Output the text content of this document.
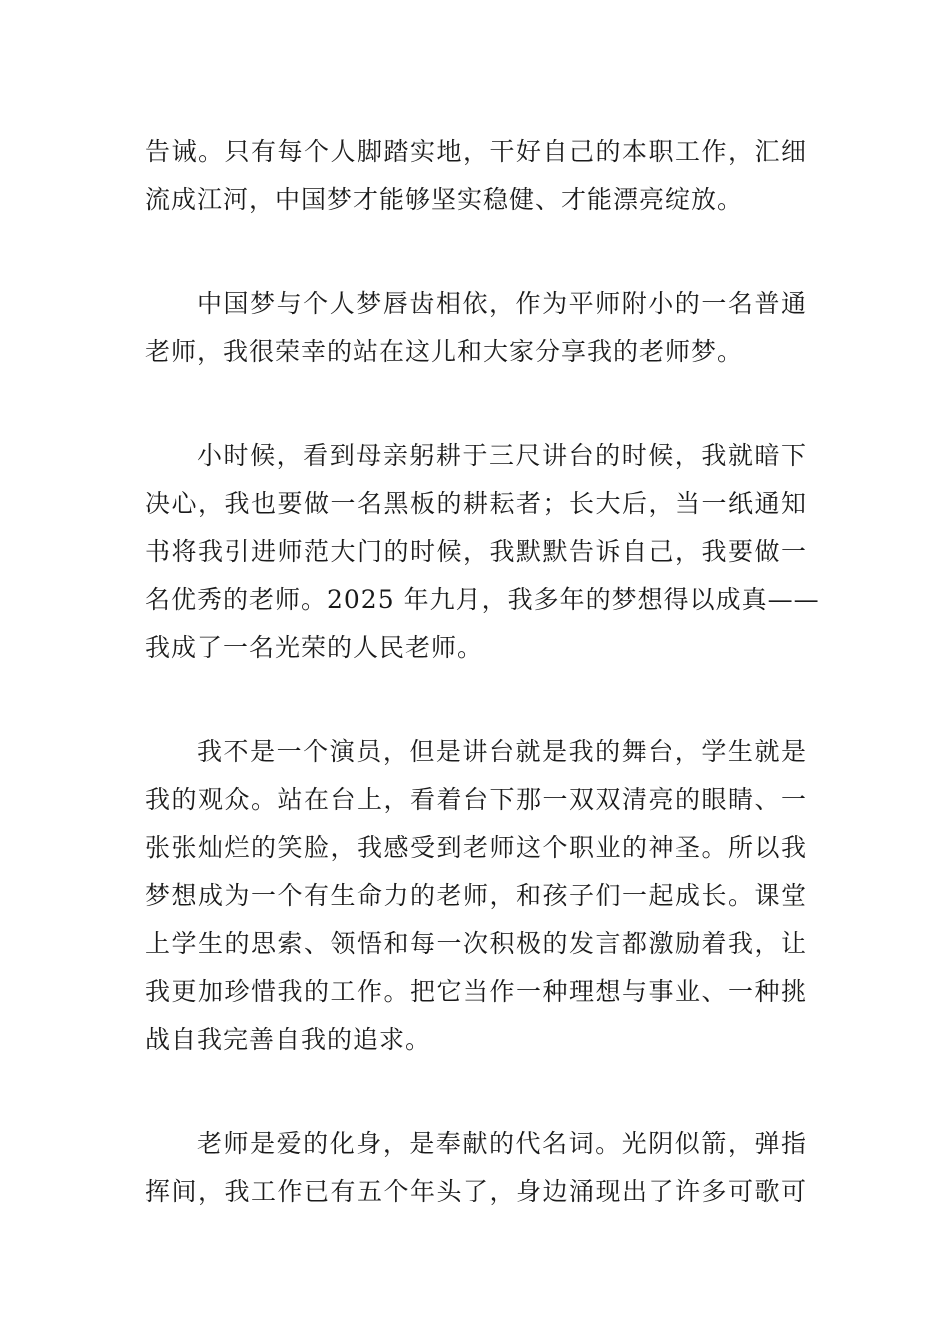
告诫。只有每个人脚踏实地，干好自己的本职工作，汇细
流成江河，中国梦才能够坚实稳健、才能漂亮绽放。
中国梦与个人梦唇齿相依，作为平师附小的一名普通
老师，我很荣幸的站在这儿和大家分享我的老师梦。
小时候，看到母亲躬耕于三尺讲台的时候，我就暗下
决心，我也要做一名黑板的耕耘者；长大后，当一纸通知
书将我引进师范大门的时候，我默默告诉自己，我要做一
名优秀的老师。2025 年九月，我多年的梦想得以成真——
我成了一名光荣的人民老师。
我不是一个演员，但是讲台就是我的舞台，学生就是
我的观众。站在台上，看着台下那一双双清亮的眼睛、一
张张灿烂的笑脸，我感受到老师这个职业的神圣。所以我
梦想成为一个有生命力的老师，和孩子们一起成长。课堂
上学生的思索、领悟和每一次积极的发言都激励着我，让
我更加珍惜我的工作。把它当作一种理想与事业、一种挑
战自我完善自我的追求。
老师是爱的化身，是奉献的代名词。光阴似箭，弹指
挥间，我工作已有五个年头了，身边涌现出了许多可歌可
